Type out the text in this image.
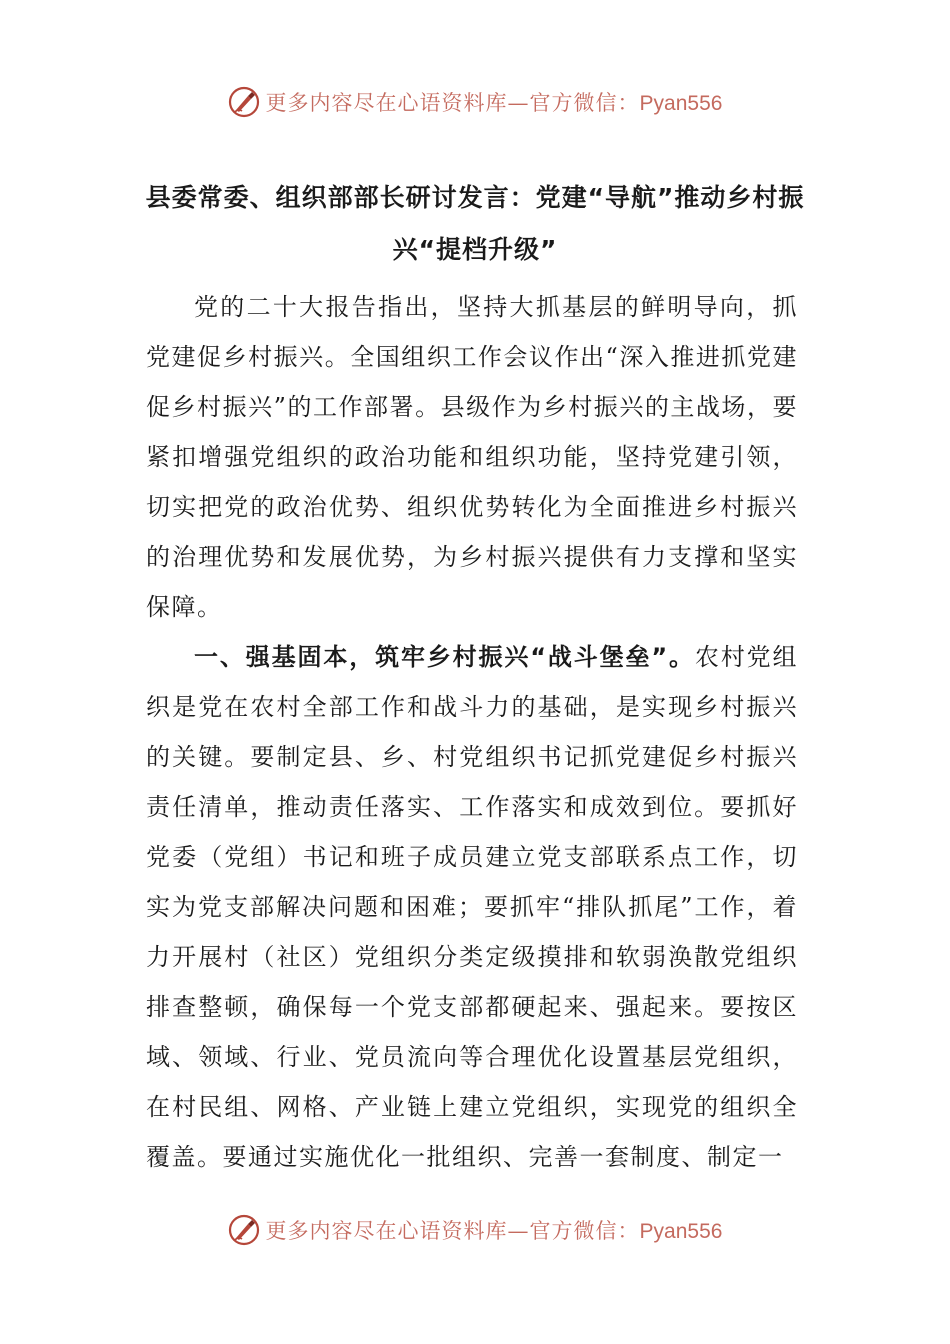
更多内容尽在心语资料库—官方微信：Pyan556
县委常委、组织部部长研讨发言：党建“导航”推动乡村振兴“提档升级”

党的二十大报告指出，坚持大抓基层的鲜明导向，抓党建促乡村振兴。全国组织工作会议作出“深入推进抓党建促乡村振兴”的工作部署。县级作为乡村振兴的主战场，要紧扣增强党组织的政治功能和组织功能，坚持党建引领，切实把党的政治优势、组织优势转化为全面推进乡村振兴的治理优势和发展优势，为乡村振兴提供有力支撑和坚实保障。

一、强基固本，筑牢乡村振兴“战斗堡垒”。农村党组织是党在农村全部工作和战斗力的基础，是实现乡村振兴的关键。要制定县、乡、村党组织书记抓党建促乡村振兴责任清单，推动责任落实、工作落实和成效到位。要抓好党委（党组）书记和班子成员建立党支部联系点工作，切实为党支部解决问题和困难；要抓牢“排队抓尾”工作，着力开展村（社区）党组织分类定级摸排和软弱涣散党组织排查整顿，确保每一个党支部都硬起来、强起来。要按区域、领域、行业、党员流向等合理优化设置基层党组织，在村民组、网格、产业链上建立党组织，实现党的组织全覆盖。要通过实施优化一批组织、完善一套制度、制定一

更多内容尽在心语资料库—官方微信：Pyan556
